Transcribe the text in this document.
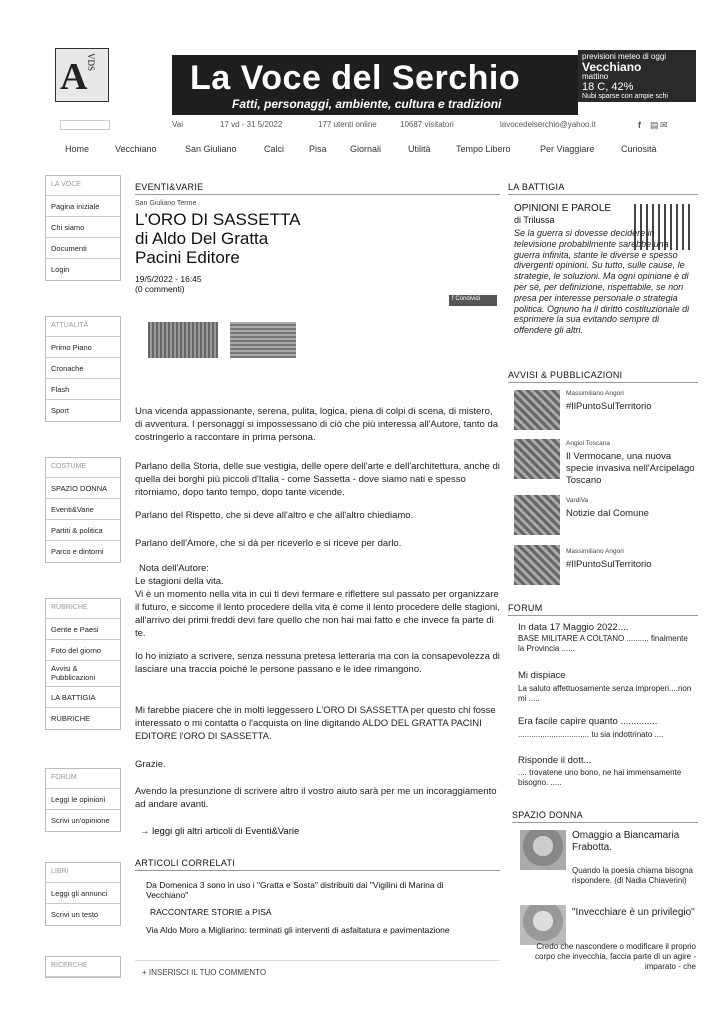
A
VDS	La Voce del Serchio
Fatti, personaggi, ambiente, cultura e tradizioni
previsioni meteo di oggi
Vecchiano
mattino
18 C, 42%
Nubi sparse con ampie schi
Vai	17 vd - 31 5/2022	177 utenti online	10687 visitatori	lavocedelserchio@yahoo.it	f ▤ ✉
Home	Vecchiano	San Giuliano	Calci	Pisa	Giornali	Utilità	Tempo Libero	Per Viaggiare	Curiosità
LA VOCE
Pagina iniziale
Chi siamo
Documenti
Login
ATTUALITÀ
Primo Piano
Cronache
Flash
Sport
COSTUME
SPAZIO DONNA
Eventi&Varie
Partiti & politica
Parco e dintorni
RUBRICHE
Gente e Paesi
Foto del giorno
Avvisi & Pubblicazioni
LA BATTIGIA
RUBRICHE
FORUM
Leggi le opinioni
Scrivi un'opinione
LIBRI
Leggi gli annunci
Scrivi un testo
RICERCHE
EVENTI&VARIE
San Giuliano Terme
L'ORO DI SASSETTA
di Aldo Del Gratta
Pacini Editore
19/5/2022 - 16:45
(0 commenti)
f Condividi
Una vicenda appassionante, serena, pulita, logica, piena di colpi di scena, di mistero, di avventura. I personaggi si impossessano di ciò che più interessa all'Autore, tanto da costringerlo a raccontare in prima persona.
Parlano della Storia, delle sue vestigia, delle opere dell'arte e dell'architettura, anche di quella dei borghi più piccoli d'Italia - come Sassetta - dove siamo nati e spesso ritorniamo, dopo tanto tempo, dopo tante vicende.
Parlano del Rispetto, che si deve all'altro e che all'altro chiediamo.
Parlano dell'Amore, che si dà per riceverlo e si riceve per darlo.
Nota dell'Autore:
Le stagioni della vita.
Vi è un momento nella vita in cui ti devi fermare e riflettere sul passato per organizzare il futuro, e siccome il lento procedere della vita è come il lento procedere delle stagioni, all'arrivo dei primi freddi devi fare quello che non hai mai fatto e che invece fa parte di te.
Io ho iniziato a scrivere, senza nessuna pretesa letteraria ma con la consapevolezza di lasciare una traccia poiché le persone passano e le idee rimangono.
Mi farebbe piacere che in molti leggessero L'ORO DI SASSETTA per questo chi fosse interessato o mi contatta o l'acquista on line digitando ALDO DEL GRATTA PACINI EDITORE l'ORO DI SASSETTA.
Grazie.
Avendo la presunzione di scrivere altro il vostro aiuto sarà per me un incoraggiamento ad andare avanti.
→ leggi gli altri articoli di Eventi&Varie
ARTICOLI CORRELATI
Da Domenica 3 sono in uso i "Gratta e Sosta" distribuiti dai "Vigilini di Marina di Vecchiano"
RACCONTARE STORIE a PISA
Via Aldo Moro a Migliarino: terminati gli interventi di asfaltatura e pavimentazione
+ INSERISCI IL TUO COMMENTO
LA BATTIGIA
OPINIONI E PAROLE
di Trilussa
Se la guerra si dovesse decidere in televisione probabilmente sarebbe una guerra infinita, stante le diverse e spesso divergenti opinioni. Su tutto, sulle cause, le strategie, le soluzioni. Ma ogni opinione è di per sé, per definizione, rispettabile, se non presa per interesse personale o strategia politica. Ognuno ha il diritto costituzionale di esprimere la sua evitando sempre di offendere gli altri.
AVVISI & PUBBLICAZIONI
Massimiliano Angori
#IlPuntoSulTerritorio
Angiol Toscana
Il Vermocane, una nuova specie invasiva nell'Arcipelago Toscano
VardiVa
Notizie dal Comune
Massimiliano Angori
#IlPuntoSulTerritorio
FORUM
In data 17 Maggio 2022....
BASE MILITARE A COLTANO .......... finalmente la Provincia ......
Mi dispiace
La saluto affettuosamente senza improperi....non mi .....
Era facile capire quanto ..............
................................ tu sia indottrinato ....
Risponde il dott...
.... trovatene uno bono, ne hai immensamente bisogno. .....
SPAZIO DONNA
Omaggio a Biancamaria Frabotta.
Quando la poesia chiama bisogna rispondere. (di Nadia Chiaverini)
"Invecchiare è un privilegio"
Credo che nascondere o modificare il proprio corpo che invecchia, faccia parte di un agire - imparato - che
